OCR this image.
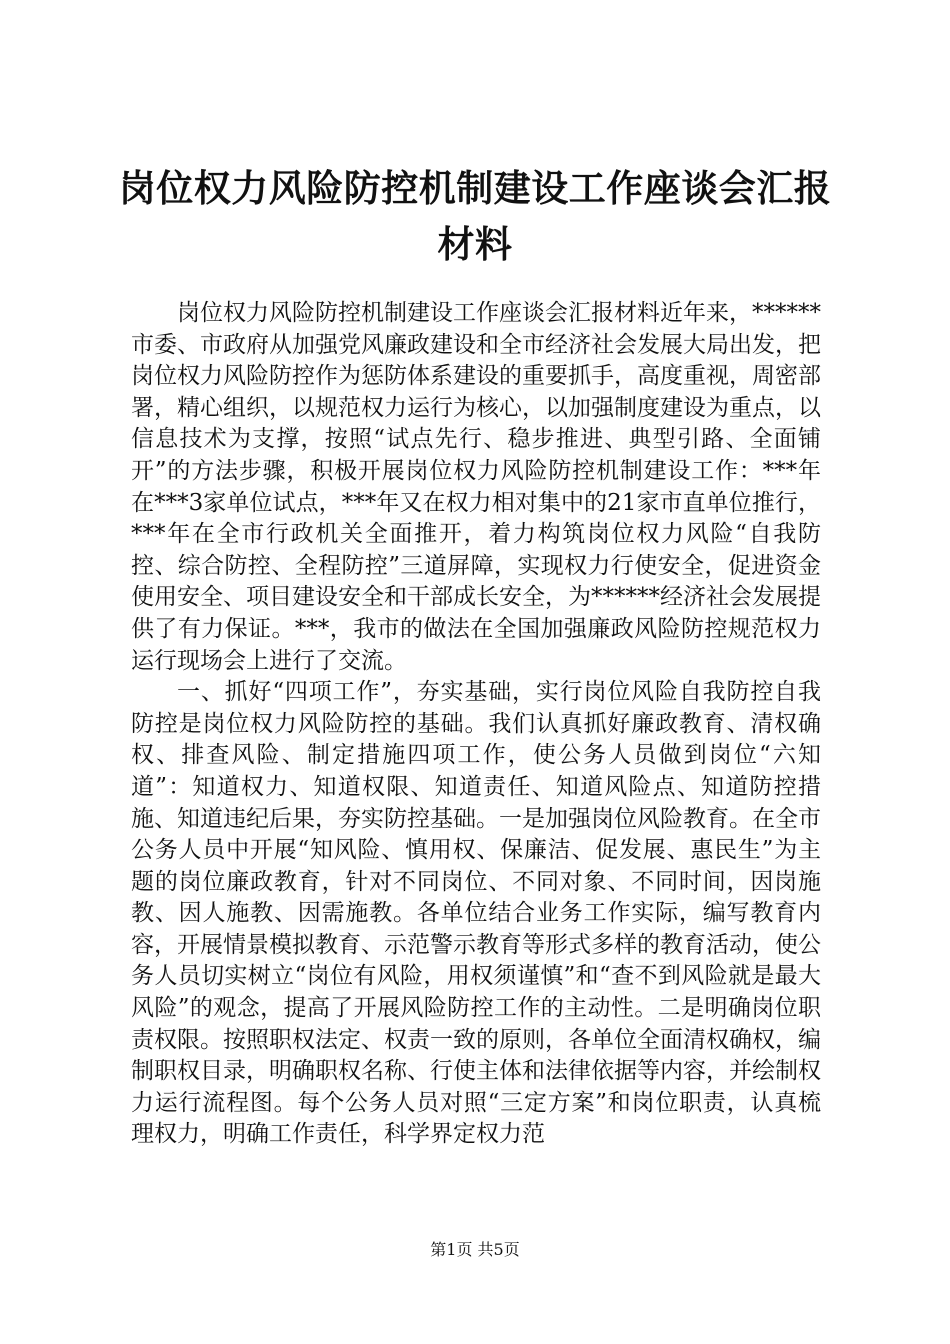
岗位权力风险防控机制建设工作座谈会汇报材料

岗位权力风险防控机制建设工作座谈会汇报材料近年来，******市委、市政府从加强党风廉政建设和全市经济社会发展大局出发，把岗位权力风险防控作为惩防体系建设的重要抓手，高度重视，周密部署，精心组织，以规范权力运行为核心，以加强制度建设为重点，以信息技术为支撑，按照“试点先行、稳步推进、典型引路、全面铺开”的方法步骤，积极开展岗位权力风险防控机制建设工作：***年在***3家单位试点，***年又在权力相对集中的21家市直单位推行，***年在全市行政机关全面推开，着力构筑岗位权力风险“自我防控、综合防控、全程防控”三道屏障，实现权力行使安全，促进资金使用安全、项目建设安全和干部成长安全，为******经济社会发展提供了有力保证。***，我市的做法在全国加强廉政风险防控规范权力运行现场会上进行了交流。

一、抓好“四项工作”，夯实基础，实行岗位风险自我防控自我防控是岗位权力风险防控的基础。我们认真抓好廉政教育、清权确权、排查风险、制定措施四项工作，使公务人员做到岗位“六知道”：知道权力、知道权限、知道责任、知道风险点、知道防控措施、知道违纪后果，夯实防控基础。一是加强岗位风险教育。在全市公务人员中开展“知风险、慎用权、保廉洁、促发展、惠民生”为主题的岗位廉政教育，针对不同岗位、不同对象、不同时间，因岗施教、因人施教、因需施教。各单位结合业务工作实际，编写教育内容，开展情景模拟教育、示范警示教育等形式多样的教育活动，使公务人员切实树立“岗位有风险，用权须谨慎”和“查不到风险就是最大风险”的观念，提高了开展风险防控工作的主动性。二是明确岗位职责权限。按照职权法定、权责一致的原则，各单位全面清权确权，编制职权目录，明确职权名称、行使主体和法律依据等内容，并绘制权力运行流程图。每个公务人员对照“三定方案”和岗位职责，认真梳理权力，明确工作责任，科学界定权力范

第1页 共5页
